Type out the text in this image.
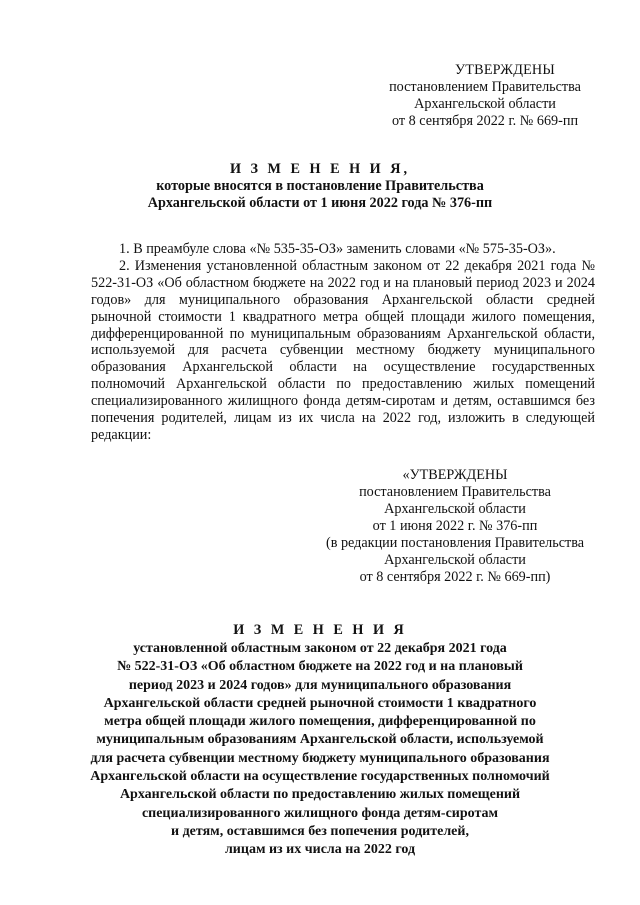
УТВЕРЖДЕНЫ
постановлением Правительства
Архангельской области
от 8 сентября 2022 г. № 669-пп
И З М Е Н Е Н И Я,
которые вносятся в постановление Правительства
Архангельской области от 1 июня 2022 года № 376-пп

1. В преамбуле слова «№ 535-35-ОЗ» заменить словами «№ 575-35-ОЗ».

2. Изменения установленной областным законом от 22 декабря 2021 года № 522-31-ОЗ «Об областном бюджете на 2022 год и на плановый период 2023 и 2024 годов» для муниципального образования Архангельской области средней рыночной стоимости 1 квадратного метра общей площади жилого помещения, дифференцированной по муниципальным образованиям Архангельской области, используемой для расчета субвенции местному бюджету муниципального образования Архангельской области на осуществление государственных полномочий Архангельской области по предоставлению жилых помещений специализированного жилищного фонда детям-сиротам и детям, оставшимся без попечения родителей, лицам из их числа на 2022 год, изложить в следующей редакции:

«УТВЕРЖДЕНЫ
постановлением Правительства
Архангельской области
от 1 июня 2022 г. № 376-пп
(в редакции постановления Правительства
Архангельской области
от 8 сентября 2022 г. № 669-пп)
И З М Е Н Е Н И Я
установленной областным законом от 22 декабря 2021 года
№ 522-31-ОЗ «Об областном бюджете на 2022 год и на плановый
период 2023 и 2024 годов» для муниципального образования
Архангельской области средней рыночной стоимости 1 квадратного
метра общей площади жилого помещения, дифференцированной по
муниципальным образованиям Архангельской области, используемой
для расчета субвенции местному бюджету муниципального образования
Архангельской области на осуществление государственных полномочий
Архангельской области по предоставлению жилых помещений
специализированного жилищного фонда детям-сиротам
и детям, оставшимся без попечения родителей,
лицам из их числа на 2022 год
